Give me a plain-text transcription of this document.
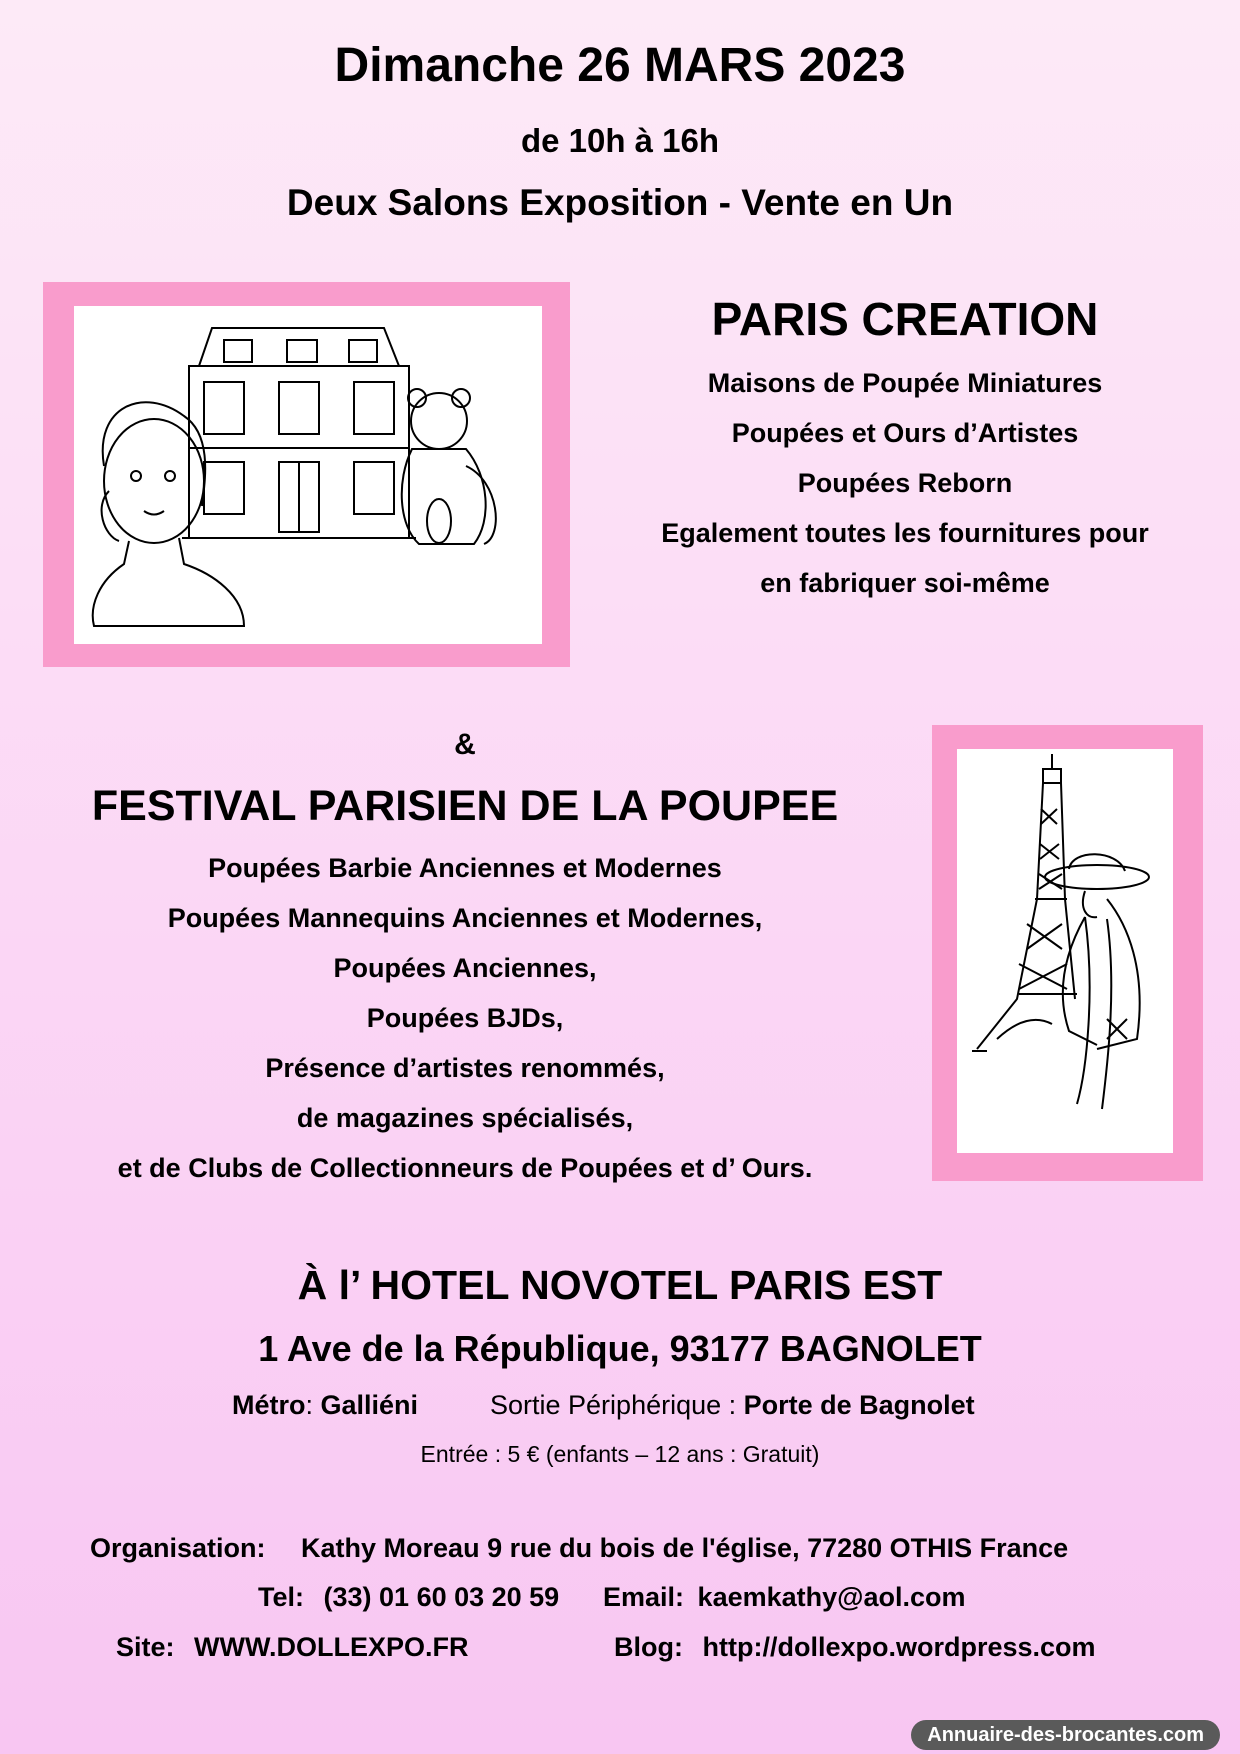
Dimanche 26 MARS 2023
de 10h à 16h
Deux Salons Exposition - Vente en Un
PARIS CREATION
Maisons de Poupée Miniatures
Poupées et Ours d’Artistes
Poupées Reborn
Egalement toutes les fournitures pour
en fabriquer soi-même
&
FESTIVAL PARISIEN DE LA POUPEE
Poupées Barbie Anciennes et Modernes
Poupées Mannequins Anciennes et Modernes,
Poupées Anciennes,
Poupées BJDs,
Présence d’artistes renommés,
de magazines spécialisés,
et de Clubs de Collectionneurs de Poupées et d’ Ours.
À l’ HOTEL NOVOTEL PARIS EST
1 Ave de la République, 93177 BAGNOLET
Métro: Galliéni	Sortie Périphérique : Porte de Bagnolet
Entrée : 5 € (enfants – 12 ans : Gratuit)
Organisation: Kathy Moreau 9 rue du bois de l'église, 77280 OTHIS France
Tel: (33) 01 60 03 20 59 Email: kaemkathy@aol.com
Site: WWW.DOLLEXPO.FR	Blog: http://dollexpo.wordpress.com
Annuaire-des-brocantes.com
